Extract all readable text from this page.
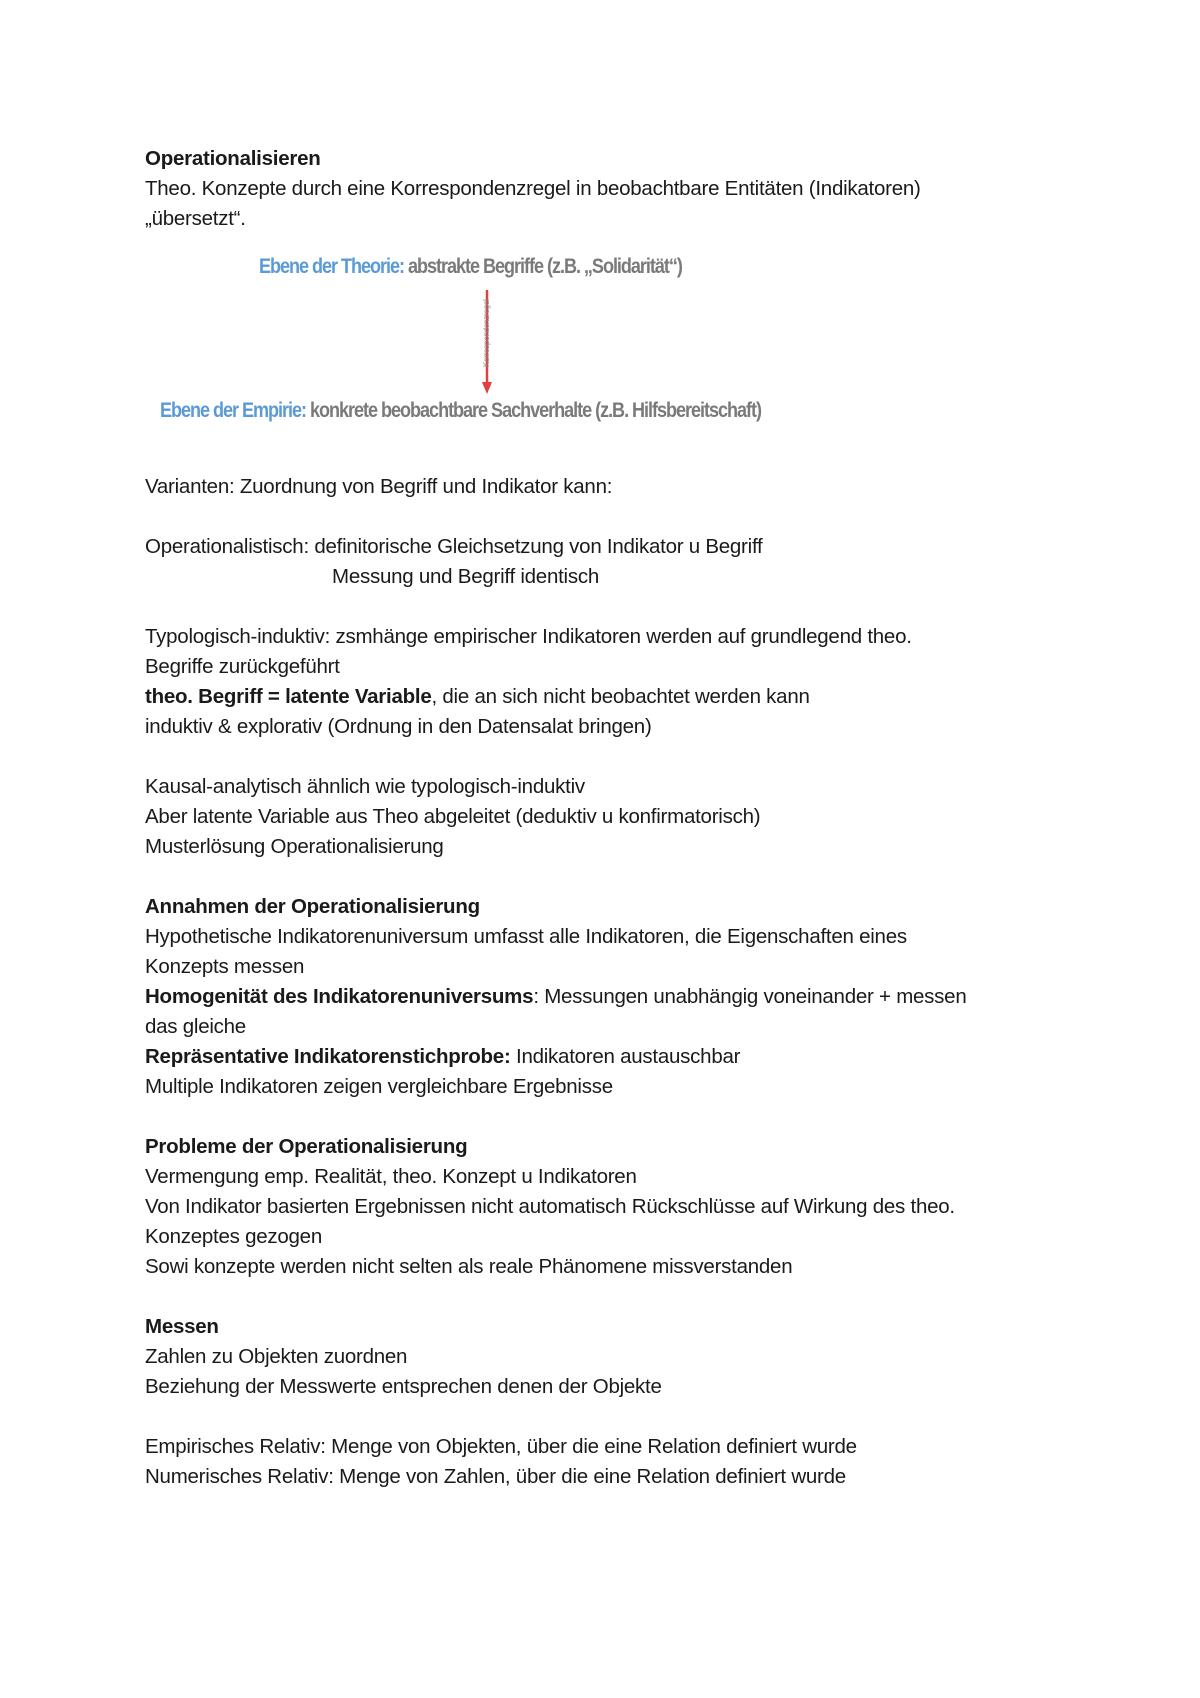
Operationalisieren
Theo. Konzepte durch eine Korrespondenzregel in beobachtbare Entitäten (Indikatoren)
„übersetzt“.
Ebene der Theorie: abstrakte Begriffe (z.B. „Solidarität“)
Korrespondenzregel
Ebene der Empirie: konkrete beobachtbare Sachverhalte (z.B. Hilfsbereitschaft)
Varianten: Zuordnung von Begriff und Indikator kann:
Operationalistisch: definitorische Gleichsetzung von Indikator u Begriff
Messung und Begriff identisch
Typologisch-induktiv: zsmhänge empirischer Indikatoren werden auf grundlegend theo.
Begriffe zurückgeführt
theo. Begriff = latente Variable, die an sich nicht beobachtet werden kann
induktiv & explorativ (Ordnung in den Datensalat bringen)
Kausal-analytisch ähnlich wie typologisch-induktiv
Aber latente Variable aus Theo abgeleitet (deduktiv u konfirmatorisch)
Musterlösung Operationalisierung
Annahmen der Operationalisierung
Hypothetische Indikatorenuniversum umfasst alle Indikatoren, die Eigenschaften eines
Konzepts messen
Homogenität des Indikatorenuniversums: Messungen unabhängig voneinander + messen
das gleiche
Repräsentative Indikatorenstichprobe: Indikatoren austauschbar
Multiple Indikatoren zeigen vergleichbare Ergebnisse
Probleme der Operationalisierung
Vermengung emp. Realität, theo. Konzept u Indikatoren
Von Indikator basierten Ergebnissen nicht automatisch Rückschlüsse auf Wirkung des theo.
Konzeptes gezogen
Sowi konzepte werden nicht selten als reale Phänomene missverstanden
Messen
Zahlen zu Objekten zuordnen
Beziehung der Messwerte entsprechen denen der Objekte
Empirisches Relativ: Menge von Objekten, über die eine Relation definiert wurde
Numerisches Relativ: Menge von Zahlen, über die eine Relation definiert wurde
